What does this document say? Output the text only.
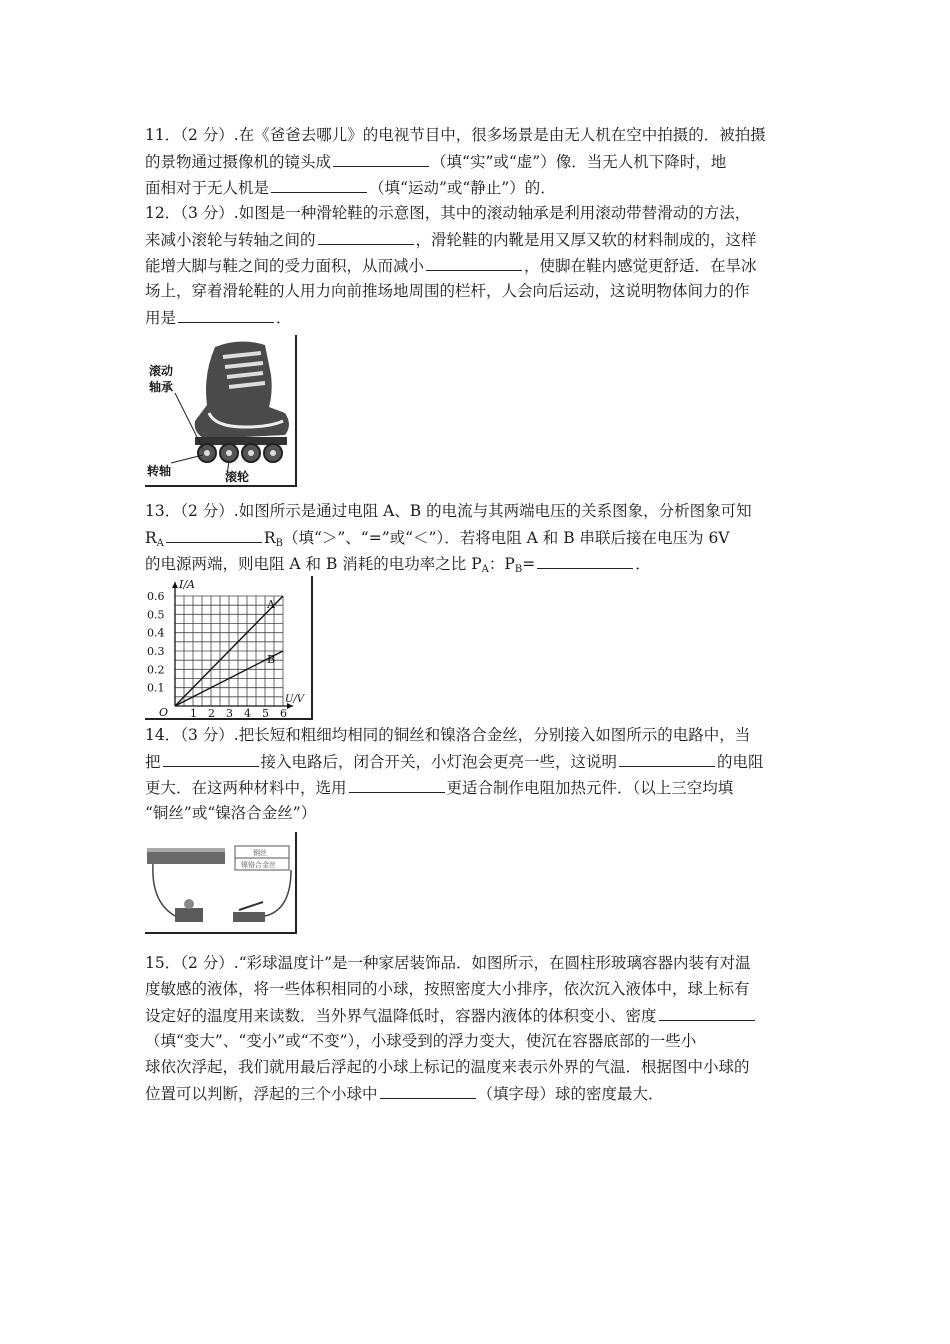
11．（2 分）.在《爸爸去哪儿》的电视节目中，很多场景是由无人机在空中拍摄的．被拍摄
的景物通过摄像机的镜头成	（填“实”或“虚”）像．当无人机下降时，地
面相对于无人机是	（填“运动”或“静止”）的．
12．（3 分）.如图是一种滑轮鞋的示意图，其中的滚动轴承是利用滚动带替滑动的方法，
来减小滚轮与转轴之间的	，滑轮鞋的内靴是用又厚又软的材料制成的，这样
能增大脚与鞋之间的受力面积，从而减小	，使脚在鞋内感觉更舒适．在旱冰
场上，穿着滑轮鞋的人用力向前推场地周围的栏杆，人会向后运动，这说明物体间力的作
用是	．
滚动
轴承
转轴	滚轮
13．（2 分）.如图所示是通过电阻 A、B 的电流与其两端电压的关系图象，分析图象可知
$R_A$	$R_B$（填“＞”、“=”或“＜”）．若将电阻 A 和 B 串联后接在电压为 6V
的电源两端，则电阻 A 和 B 消耗的电功率之比 $P_A$：$P_B=$	．
1 2 3 4 5 6
0.1
0.2
0.3
0.4
0.5
0.6
O
I/A
U/V
A
B
14．（3 分）.把长短和粗细均相同的铜丝和镍洛合金丝，分别接入如图所示的电路中，当
把	接入电路后，闭合开关，小灯泡会更亮一些，这说明	的电阻
更大．在这两种材料中，选用	更适合制作电阻加热元件．（以上三空均填
“铜丝”或“镍洛合金丝”）
铜丝
镍铬合金丝
15．（2 分）.“彩球温度计”是一种家居装饰品．如图所示，在圆柱形玻璃容器内装有对温
度敏感的液体，将一些体积相同的小球，按照密度大小排序，依次沉入液体中，球上标有
设定好的温度用来读数．当外界气温降低时，容器内液体的体积变小、密度
（填“变大”、“变小”或“不变”），小球受到的浮力变大，使沉在容器底部的一些小
球依次浮起，我们就用最后浮起的小球上标记的温度来表示外界的气温．根据图中小球的
位置可以判断，浮起的三个小球中	（填字母）球的密度最大．
